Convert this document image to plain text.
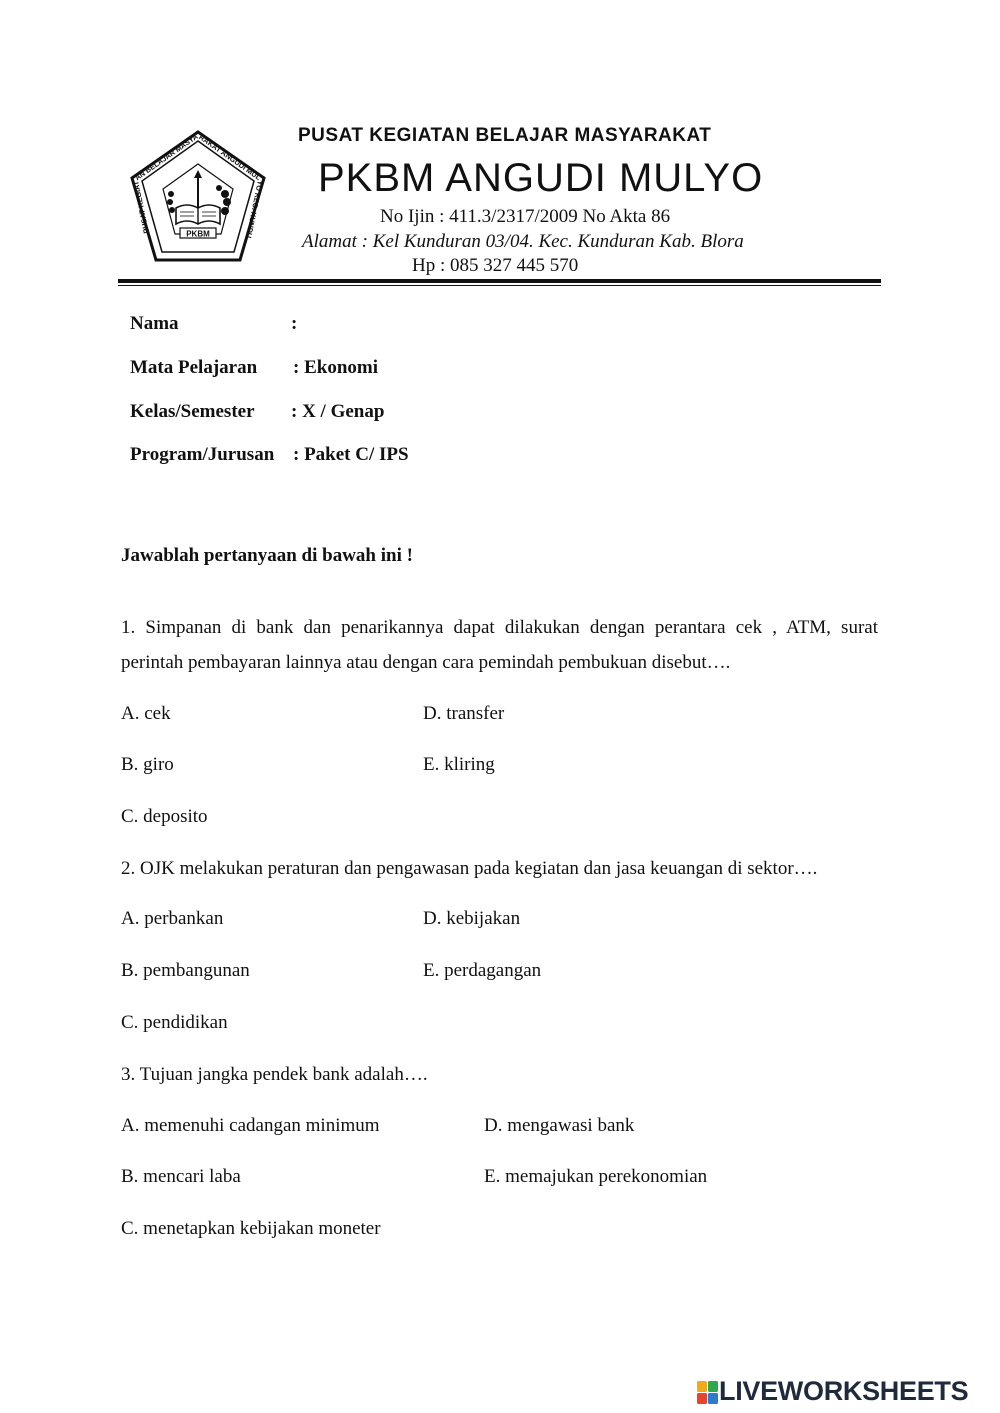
PKBM
PUSAT KEGIATAN BELAJAR MASYARAKAT ANGUDI MULYO KEC. KUNDU
PUSAT KEGIATAN BELAJAR MASYARAKAT
PKBM ANGUDI MULYO
No Ijin : 411.3/2317/2009 No Akta 86
Alamat : Kel Kunduran 03/04. Kec. Kunduran Kab. Blora
Hp : 085 327 445 570
Nama	:
Mata Pelajaran : Ekonomi
Kelas/Semester : X / Genap
Program/Jurusan : Paket C/ IPS
Jawablah pertanyaan di bawah ini !
1. Simpanan di bank dan penarikannya dapat dilakukan dengan perantara cek , ATM, surat
perintah pembayaran lainnya atau dengan cara pemindah pembukuan disebut….
A. cek
B. giro
C. deposito
D. transfer
E. kliring
2. OJK melakukan peraturan dan pengawasan pada kegiatan dan jasa keuangan di sektor….
A. perbankan
B. pembangunan
C. pendidikan
D. kebijakan
E. perdagangan
3. Tujuan jangka pendek bank adalah….
A. memenuhi cadangan minimum
B. mencari laba
C. menetapkan kebijakan moneter
D. mengawasi bank
E. memajukan perekonomian
LIVEWORKSHEETS
